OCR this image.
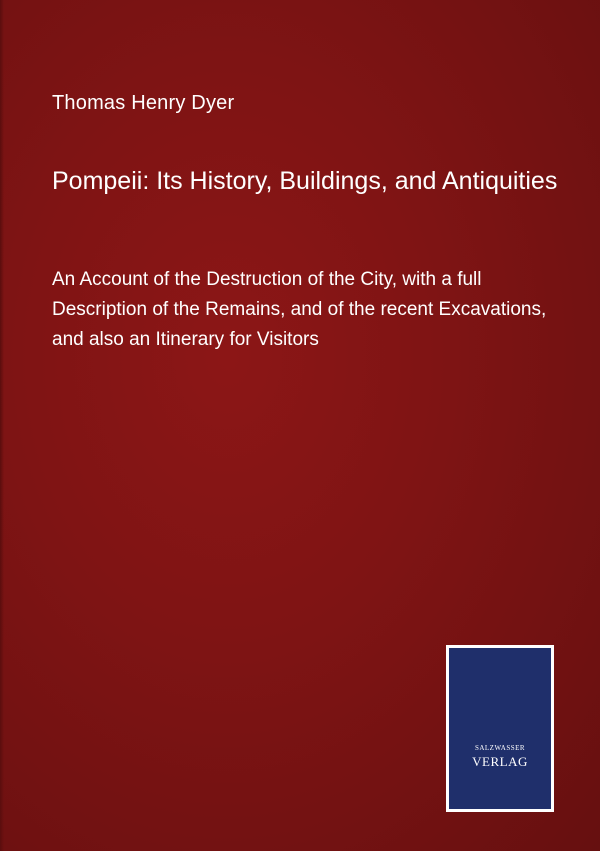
Thomas Henry Dyer
Pompeii: Its History, Buildings, and Antiquities

An Account of the Destruction of the City, with a full Description of the Remains, and of the recent Excavations, and also an Itinerary for Visitors

SALZWASSER
VERLAG
